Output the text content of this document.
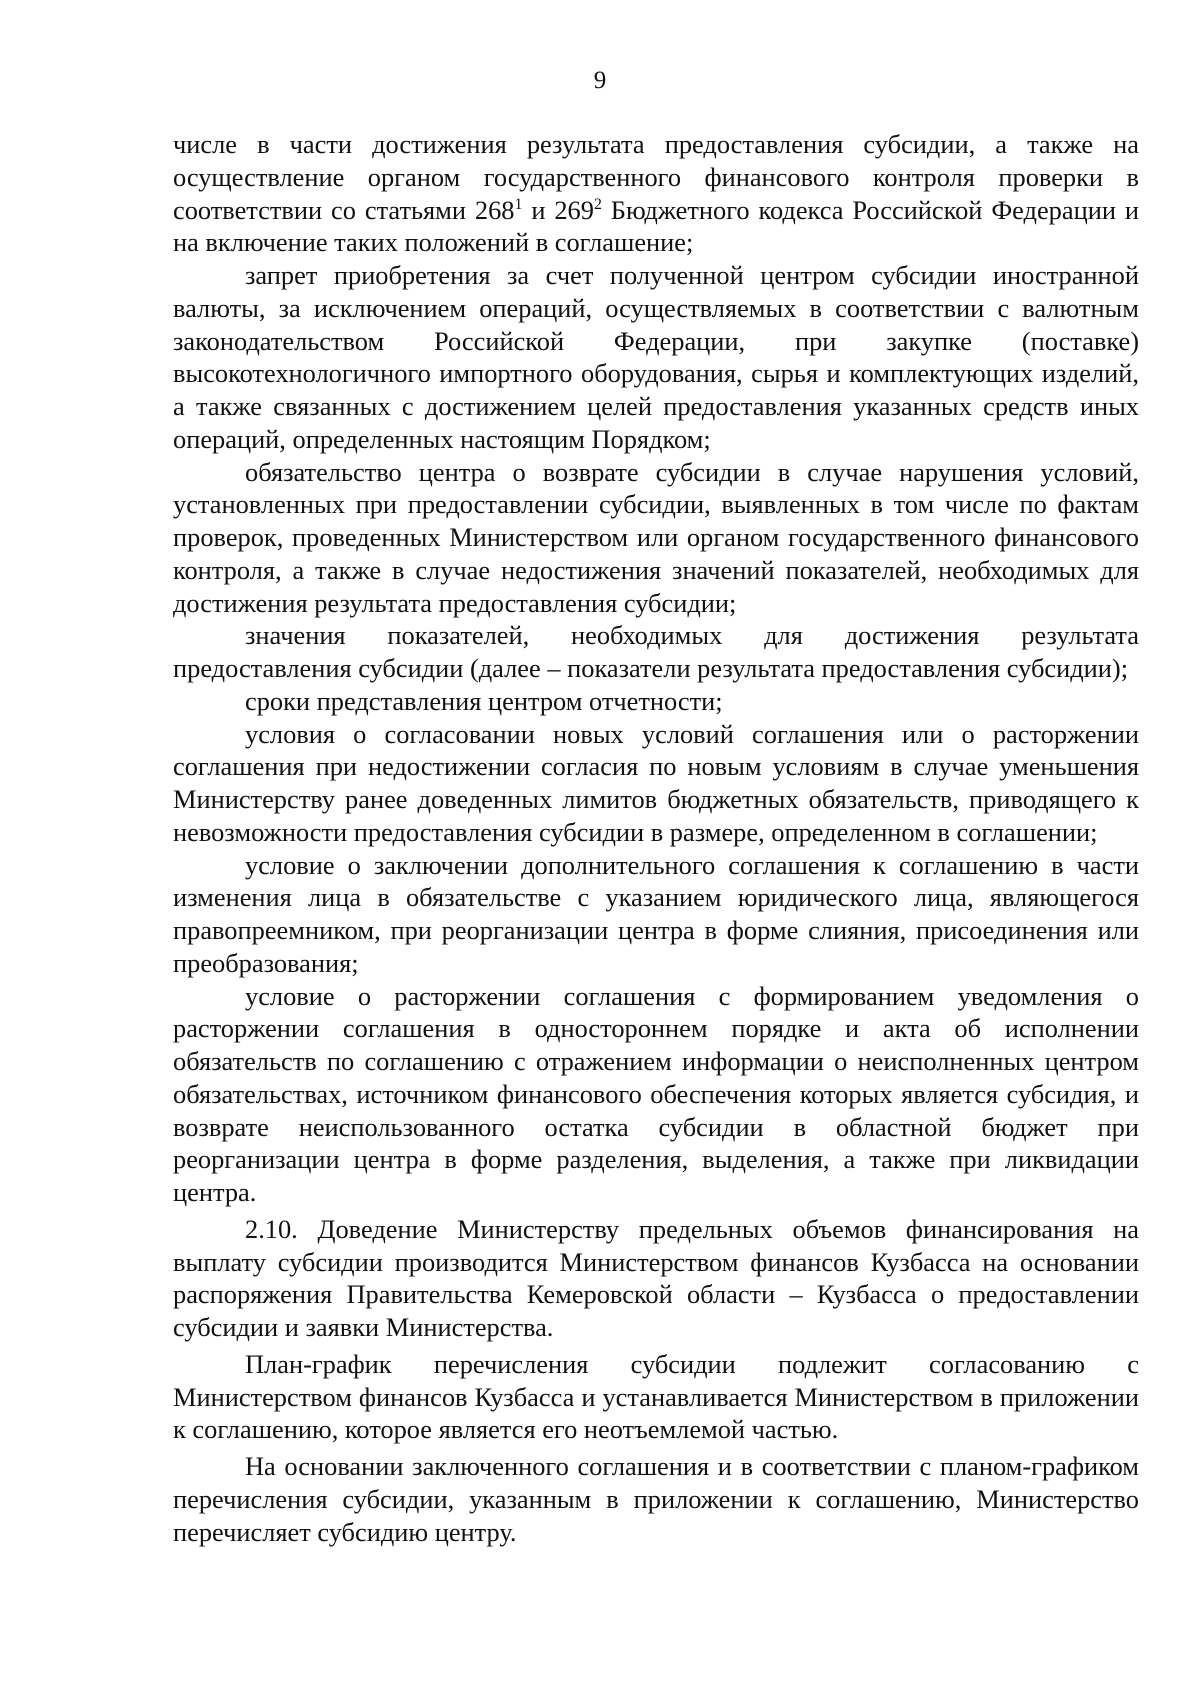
9

числе в части достижения результата предоставления субсидии, а также на осуществление органом государственного финансового контроля проверки в соответствии со статьями $268^1$ и $269^2$ Бюджетного кодекса Российской Федерации и на включение таких положений в соглашение;

запрет приобретения за счет полученной центром субсидии иностранной валюты, за исключением операций, осуществляемых в соответствии с валютным законодательством Российской Федерации, при закупке (поставке) высокотехнологичного импортного оборудования, сырья и комплектующих изделий, а также связанных с достижением целей предоставления указанных средств иных операций, определенных настоящим Порядком;

обязательство центра о возврате субсидии в случае нарушения условий, установленных при предоставлении субсидии, выявленных в том числе по фактам проверок, проведенных Министерством или органом государственного финансового контроля, а также в случае недостижения значений показателей, необходимых для достижения результата предоставления субсидии;

значения показателей, необходимых для достижения результата предоставления субсидии (далее – показатели результата предоставления субсидии);

сроки представления центром отчетности;

условия о согласовании новых условий соглашения или о расторжении соглашения при недостижении согласия по новым условиям в случае уменьшения Министерству ранее доведенных лимитов бюджетных обязательств, приводящего к невозможности предоставления субсидии в размере, определенном в соглашении;

условие о заключении дополнительного соглашения к соглашению в части изменения лица в обязательстве с указанием юридического лица, являющегося правопреемником, при реорганизации центра в форме слияния, присоединения или преобразования;

условие о расторжении соглашения с формированием уведомления о расторжении соглашения в одностороннем порядке и акта об исполнении обязательств по соглашению с отражением информации о неисполненных центром обязательствах, источником финансового обеспечения которых является субсидия, и возврате неиспользованного остатка субсидии в областной бюджет при реорганизации центра в форме разделения, выделения, а также при ликвидации центра.

2.10. Доведение Министерству предельных объемов финансирования на выплату субсидии производится Министерством финансов Кузбасса на основании распоряжения Правительства Кемеровской области – Кузбасса о предоставлении субсидии и заявки Министерства.

План-график перечисления субсидии подлежит согласованию с Министерством финансов Кузбасса и устанавливается Министерством в приложении к соглашению, которое является его неотъемлемой частью.

На основании заключенного соглашения и в соответствии с планом-графиком перечисления субсидии, указанным в приложении к соглашению, Министерство перечисляет субсидию центру.
